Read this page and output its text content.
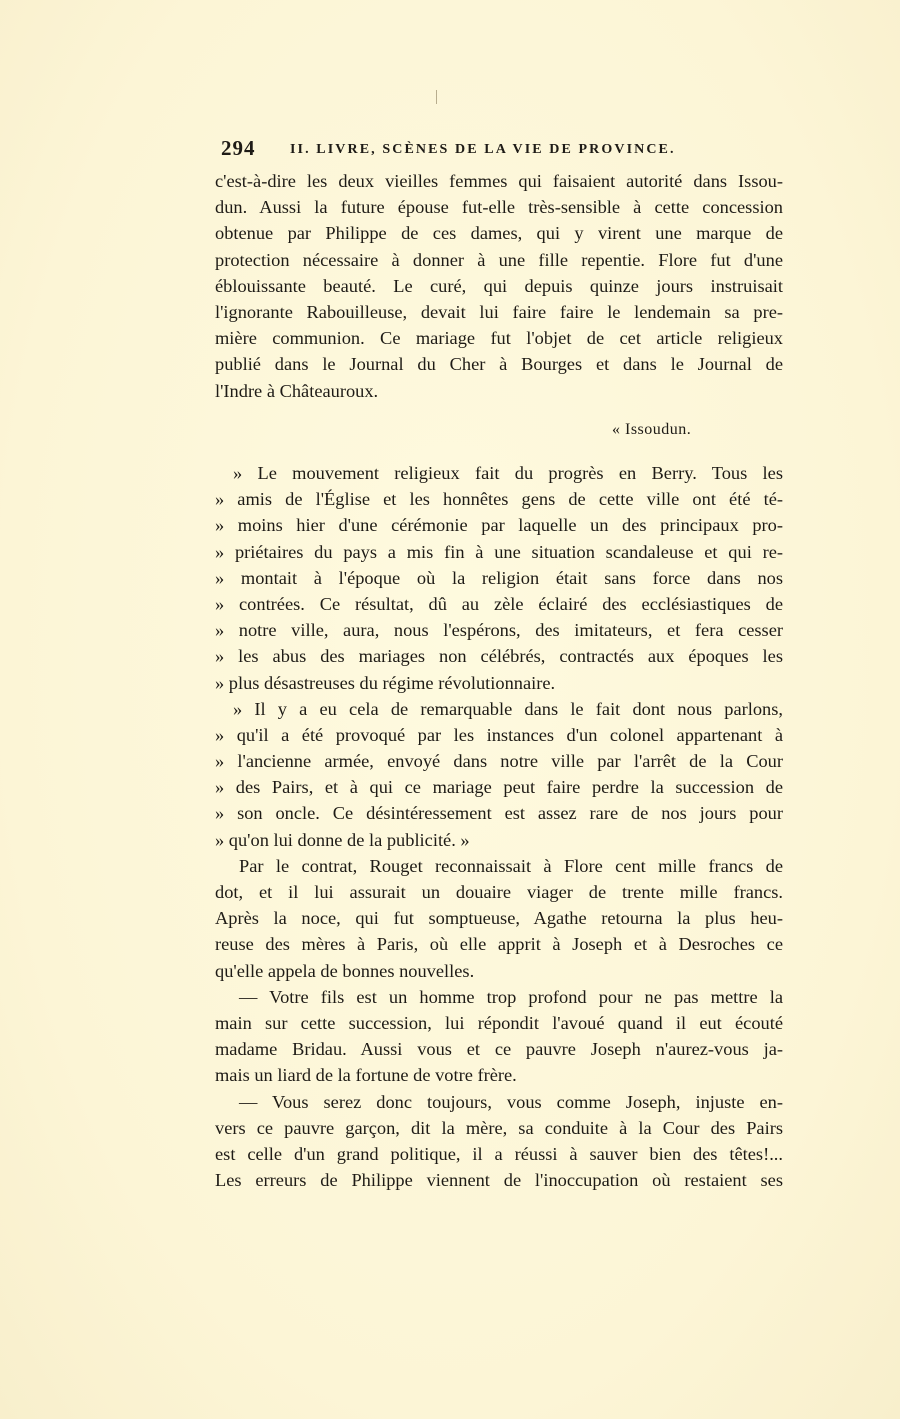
294 II. LIVRE, SCÈNES DE LA VIE DE PROVINCE.
c'est-à-dire les deux vieilles femmes qui faisaient autorité dans Issou-
dun. Aussi la future épouse fut-elle très-sensible à cette concession
obtenue par Philippe de ces dames, qui y virent une marque de
protection nécessaire à donner à une fille repentie. Flore fut d'une
éblouissante beauté. Le curé, qui depuis quinze jours instruisait
l'ignorante Rabouilleuse, devait lui faire faire le lendemain sa pre-
mière communion. Ce mariage fut l'objet de cet article religieux
publié dans le Journal du Cher à Bourges et dans le Journal de
l'Indre à Châteauroux.
« Issoudun.
» Le mouvement religieux fait du progrès en Berry. Tous les
» amis de l'Église et les honnêtes gens de cette ville ont été té-
» moins hier d'une cérémonie par laquelle un des principaux pro-
» priétaires du pays a mis fin à une situation scandaleuse et qui re-
» montait à l'époque où la religion était sans force dans nos
» contrées. Ce résultat, dû au zèle éclairé des ecclésiastiques de
» notre ville, aura, nous l'espérons, des imitateurs, et fera cesser
» les abus des mariages non célébrés, contractés aux époques les
» plus désastreuses du régime révolutionnaire.
» Il y a eu cela de remarquable dans le fait dont nous parlons,
» qu'il a été provoqué par les instances d'un colonel appartenant à
» l'ancienne armée, envoyé dans notre ville par l'arrêt de la Cour
» des Pairs, et à qui ce mariage peut faire perdre la succession de
» son oncle. Ce désintéressement est assez rare de nos jours pour
» qu'on lui donne de la publicité. »
Par le contrat, Rouget reconnaissait à Flore cent mille francs de
dot, et il lui assurait un douaire viager de trente mille francs.
Après la noce, qui fut somptueuse, Agathe retourna la plus heu-
reuse des mères à Paris, où elle apprit à Joseph et à Desroches ce
qu'elle appela de bonnes nouvelles.
— Votre fils est un homme trop profond pour ne pas mettre la
main sur cette succession, lui répondit l'avoué quand il eut écouté
madame Bridau. Aussi vous et ce pauvre Joseph n'aurez-vous ja-
mais un liard de la fortune de votre frère.
— Vous serez donc toujours, vous comme Joseph, injuste en-
vers ce pauvre garçon, dit la mère, sa conduite à la Cour des Pairs
est celle d'un grand politique, il a réussi à sauver bien des têtes!...
Les erreurs de Philippe viennent de l'inoccupation où restaient ses
